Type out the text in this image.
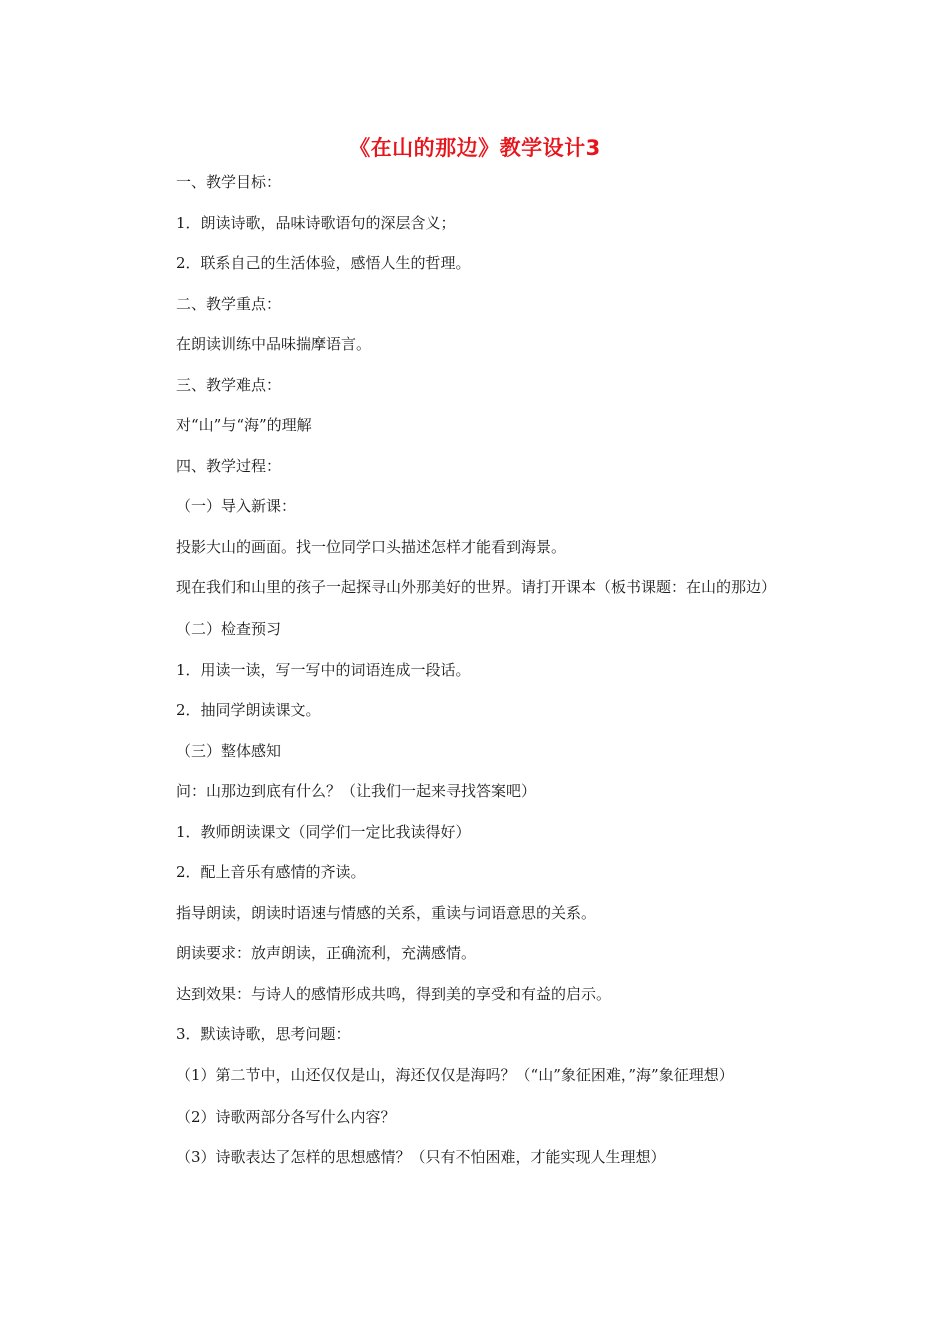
《在山的那边》教学设计3

一、教学目标：

1．朗读诗歌，品味诗歌语句的深层含义；

2．联系自己的生活体验，感悟人生的哲理。

二、教学重点：

在朗读训练中品味揣摩语言。

三、教学难点：

对“山”与“海”的理解

四、教学过程：

（一）导入新课：

投影大山的画面。找一位同学口头描述怎样才能看到海景。

现在我们和山里的孩子一起探寻山外那美好的世界。请打开课本（板书课题：在山的那边）

（二）检查预习

1．用读一读，写一写中的词语连成一段话。

2．抽同学朗读课文。

（三）整体感知

问：山那边到底有什么？（让我们一起来寻找答案吧）

1．教师朗读课文（同学们一定比我读得好）

2．配上音乐有感情的齐读。

指导朗读，朗读时语速与情感的关系，重读与词语意思的关系。

朗读要求：放声朗读，正确流利，充满感情。

达到效果：与诗人的感情形成共鸣，得到美的享受和有益的启示。

3．默读诗歌，思考问题：

（1）第二节中，山还仅仅是山，海还仅仅是海吗？（“山”象征困难，”海”象征理想）

（2）诗歌两部分各写什么内容？

（3）诗歌表达了怎样的思想感情？（只有不怕困难，才能实现人生理想）
